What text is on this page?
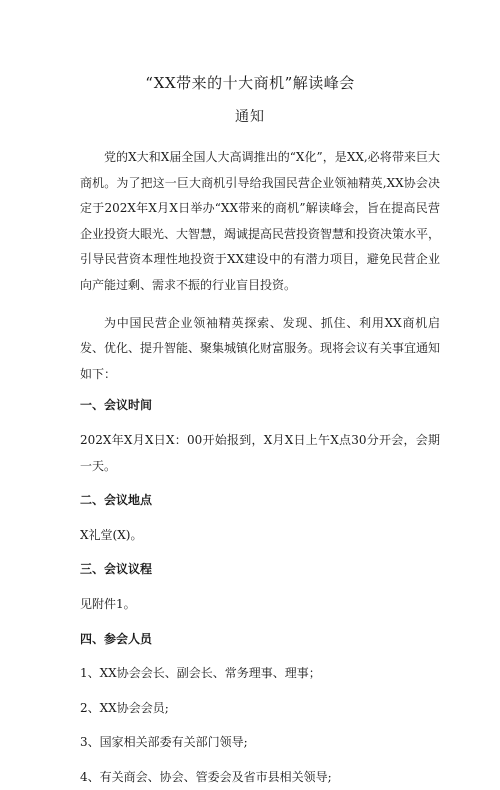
“XX带来的十大商机”解读峰会
通知

党的X大和X届全国人大高调推出的“X化”，是XX,必将带来巨大商机。为了把这一巨大商机引导给我国民营企业领袖精英,XX协会决定于202X年X月X日举办“XX带来的商机”解读峰会，旨在提高民营企业投资大眼光、大智慧，竭诚提高民营投资智慧和投资决策水平，引导民营资本理性地投资于XX建设中的有潜力项目，避免民营企业向产能过剩、需求不振的行业盲目投资。

为中国民营企业领袖精英探索、发现、抓住、利用XX商机启发、优化、提升智能、聚集城镇化财富服务。现将会议有关事宜通知如下：

一、会议时间
202X年X月X日X：00开始报到，X月X日上午X点30分开会，会期一天。
二、会议地点
X礼堂(X)。
三、会议议程
见附件1。
四、参会人员
1、XX协会会长、副会长、常务理事、理事；
2、XX协会会员;
3、国家相关部委有关部门领导;
4、有关商会、协会、管委会及省市县相关领导;
